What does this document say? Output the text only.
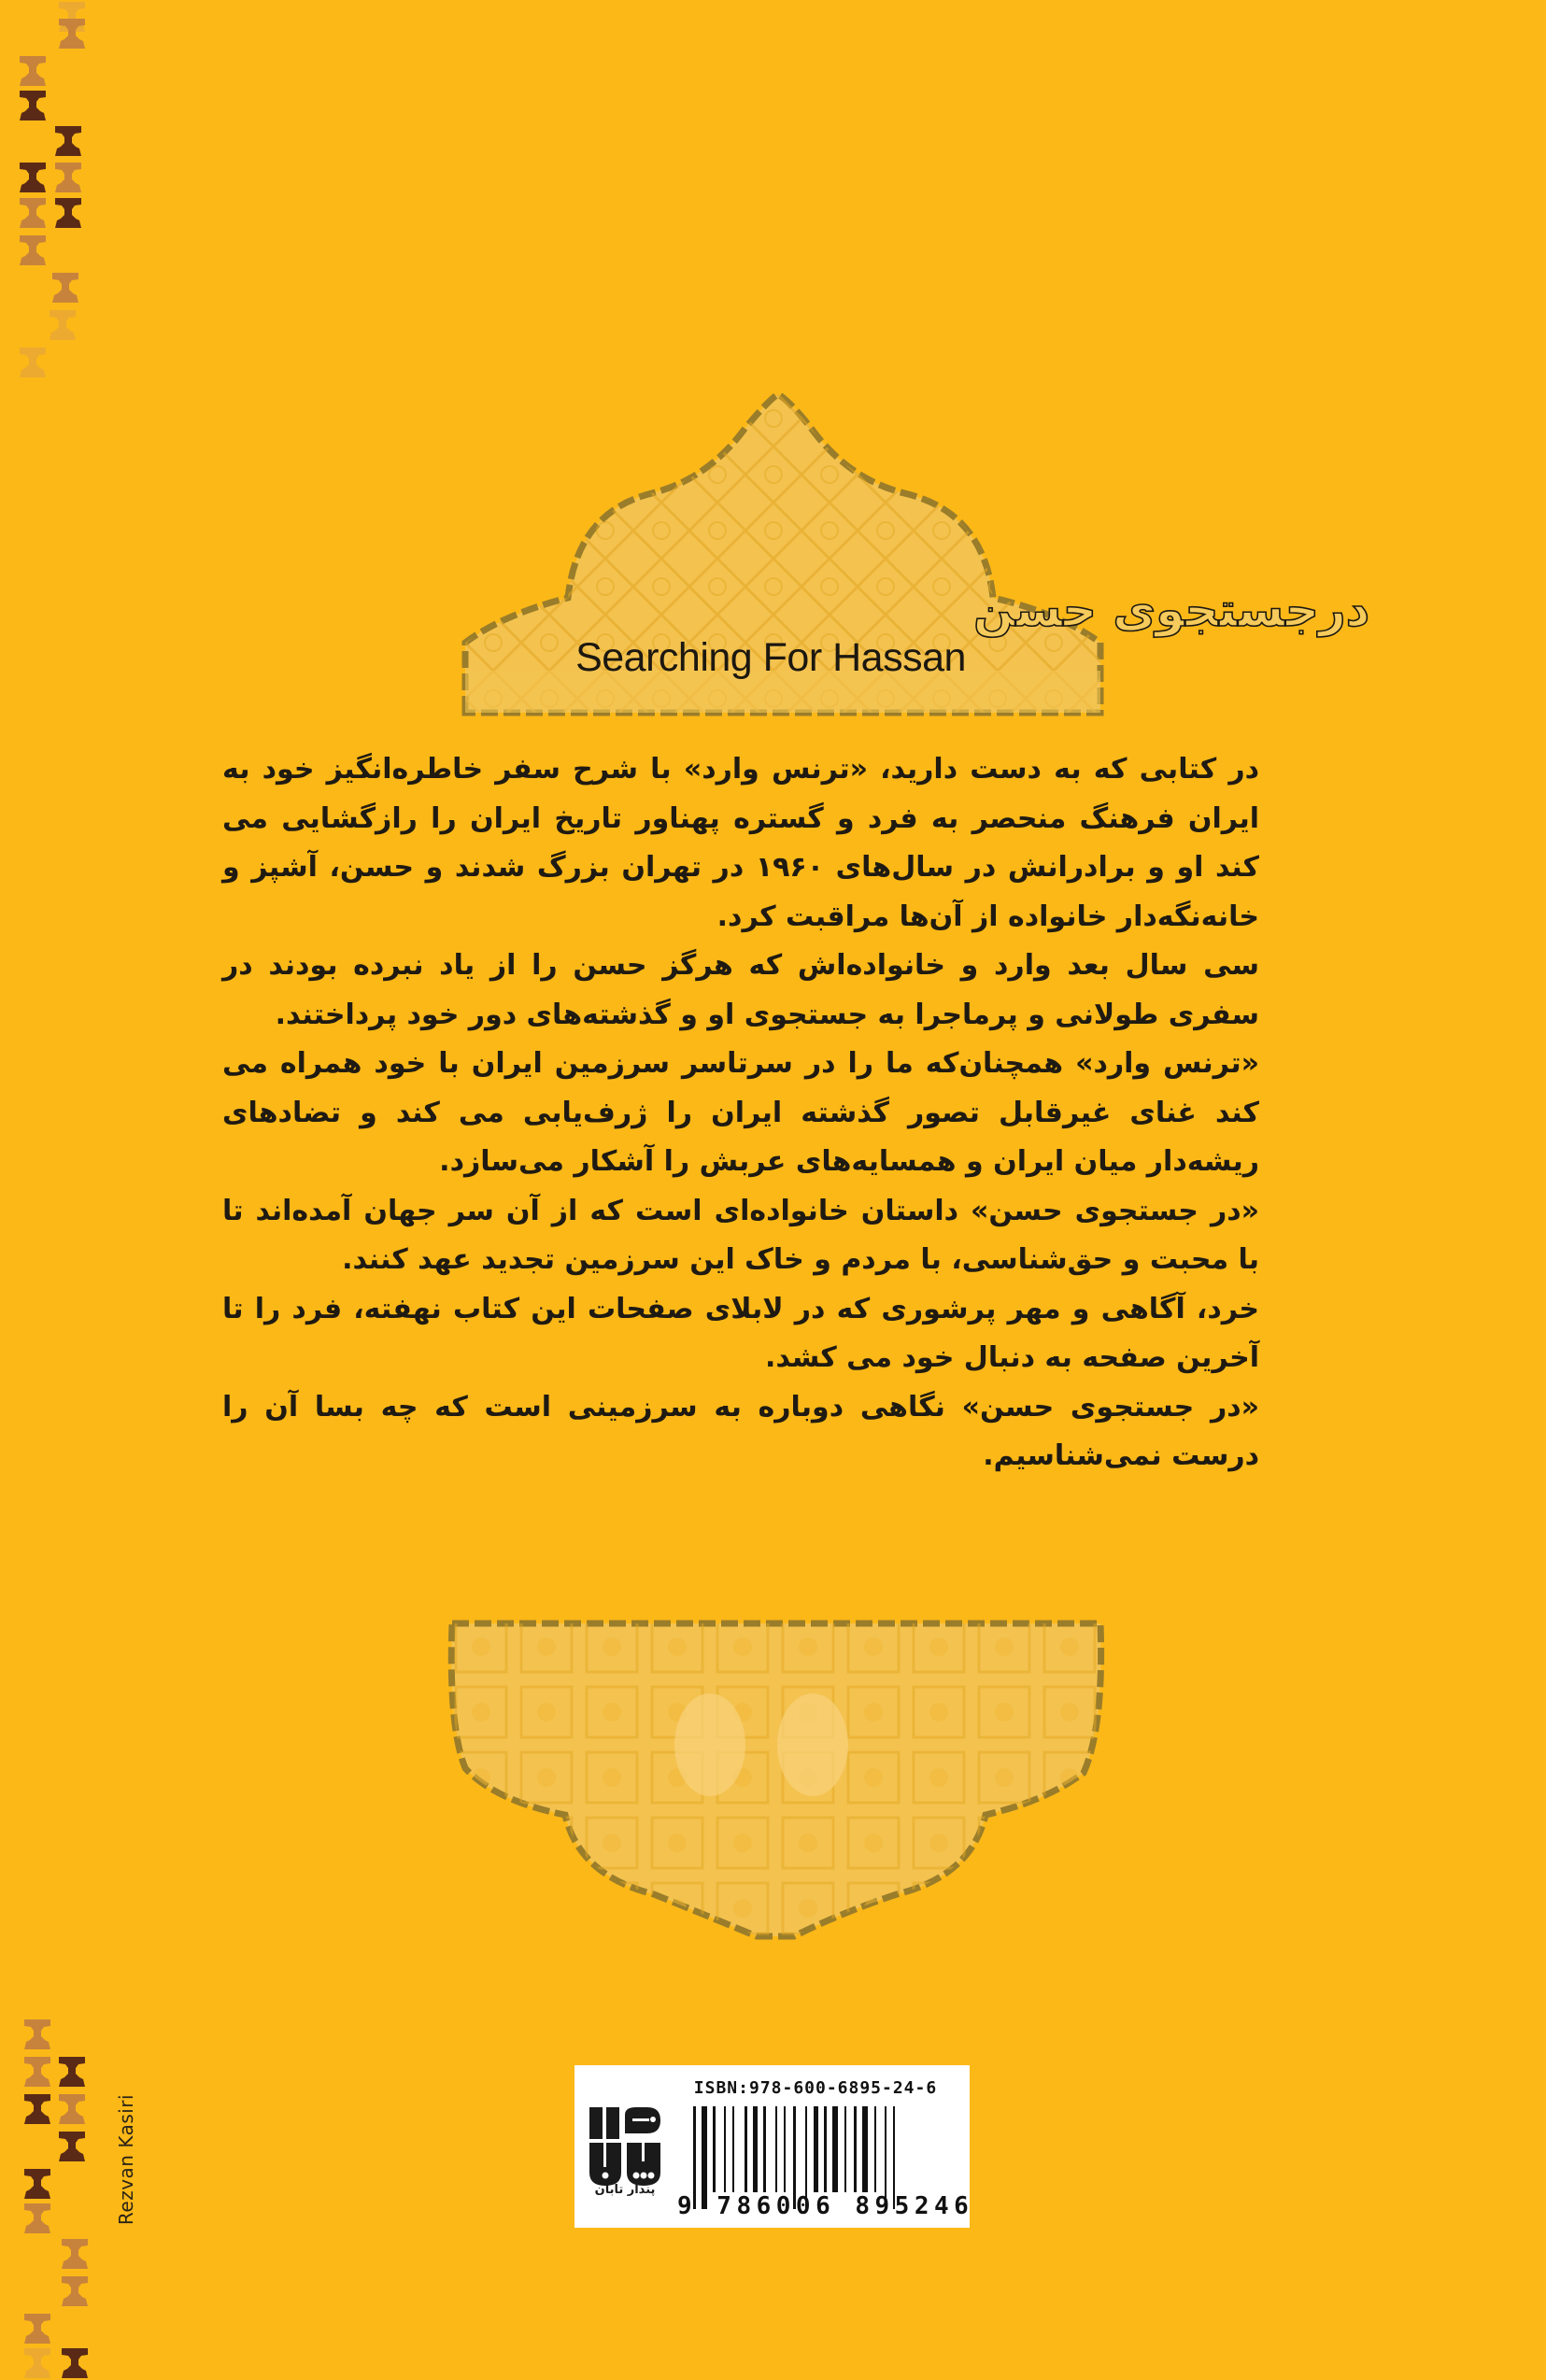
درجستجوی حسن
Searching For Hassan

در کتابی که به دست دارید، «ترنس وارد» با شرح سفر خاطره‌انگیز خود به ایران فرهنگ منحصر به فرد و گستره پهناور تاریخ ایران را رازگشایی می کند او و برادرانش در سال‌های ۱۹۶۰ در تهران بزرگ شدند و حسن، آشپز و خانه‌نگه‌دار خانواده از آن‌ها مراقبت کرد.

سی سال بعد وارد و خانواده‌اش که هرگز حسن را از یاد نبرده بودند در سفری طولانی و پرماجرا به جستجوی او و گذشته‌های دور خود پرداختند.

«ترنس وارد» همچنان‌که ما را در سرتاسر سرزمین ایران با خود همراه می کند غنای غیرقابل تصور گذشته ایران را ژرف‌یابی می کند و تضادهای ریشه‌دار میان ایران و همسایه‌های عربش را آشکار می‌سازد.

«در جستجوی حسن» داستان خانواده‌ای است که از آن سر جهان آمده‌اند تا با محبت و حق‌شناسی، با مردم و خاک این سرزمین تجدید عهد کنند.

خرد، آگاهی و مهر پرشوری که در لابلای صفحات این کتاب نهفته، فرد را تا آخرین صفحه به دنبال خود می کشد.

«در جستجوی حسن» نگاهی دوباره به سرزمینی است که چه بسا آن را درست نمی‌شناسیم.

Rezvan Kasiri	پندار تابان
ISBN:978-600-6895-24-6
9 786006 895246
